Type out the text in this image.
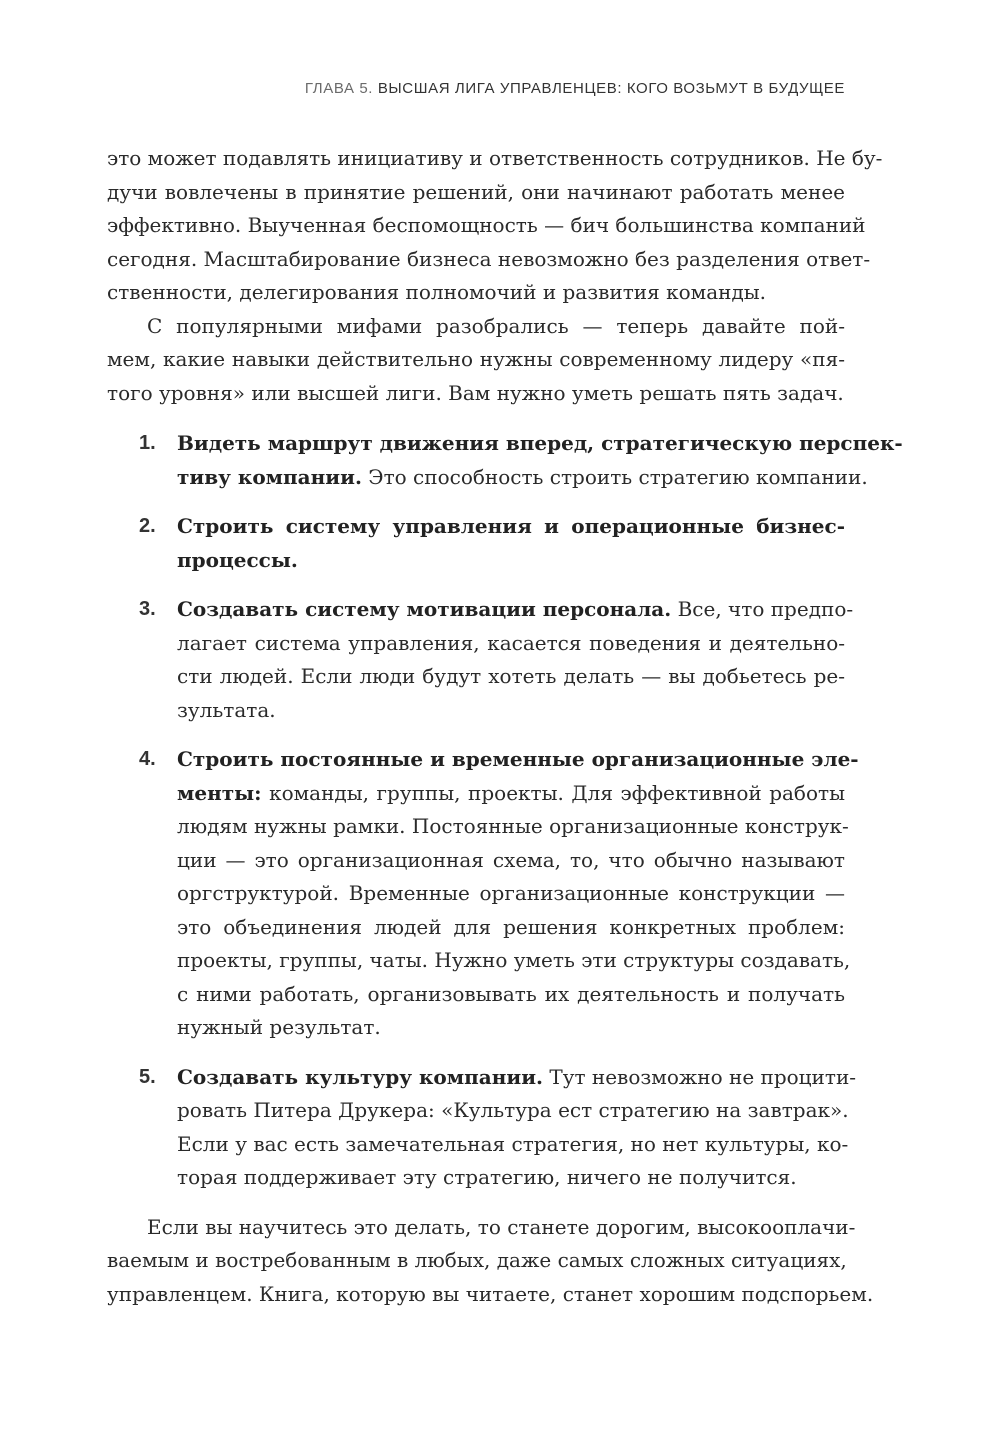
ГЛАВА 5. ВЫСШАЯ ЛИГА УПРАВЛЕНЦЕВ: КОГО ВОЗЬМУТ В БУДУЩЕЕ
это может подавлять инициативу и ответственность сотрудников. Не бу-
дучи вовлечены в принятие решений, они начинают работать менее
эффективно. Выученная беспомощность — бич большинства компаний
сегодня. Масштабирование бизнеса невозможно без разделения ответ-
ственности, делегирования полномочий и развития команды.
С популярными мифами разобрались — теперь давайте пой-
мем, какие навыки действительно нужны современному лидеру «пя-
того уровня» или высшей лиги. Вам нужно уметь решать пять задач.
1. Видеть маршрут движения вперед, стратегическую перспек-
тиву компании. Это способность строить стратегию компании.
2. Строить систему управления и операционные бизнес-
процессы.
3. Создавать систему мотивации персонала. Все, что предпо-
лагает система управления, касается поведения и деятельно-
сти людей. Если люди будут хотеть делать — вы добьетесь ре-
зультата.
4. Строить постоянные и временные организационные эле-
менты: команды, группы, проекты. Для эффективной работы
людям нужны рамки. Постоянные организационные конструк-
ции — это организационная схема, то, что обычно называют
оргструктурой. Временные организационные конструкции —
это объединения людей для решения конкретных проблем:
проекты, группы, чаты. Нужно уметь эти структуры создавать,
с ними работать, организовывать их деятельность и получать
нужный результат.
5. Создавать культуру компании. Тут невозможно не процити-
ровать Питера Друкера: «Культура ест стратегию на завтрак».
Если у вас есть замечательная стратегия, но нет культуры, ко-
торая поддерживает эту стратегию, ничего не получится.
Если вы научитесь это делать, то станете дорогим, высокооплачи-
ваемым и востребованным в любых, даже самых сложных ситуациях,
управленцем. Книга, которую вы читаете, станет хорошим подспорьем.
